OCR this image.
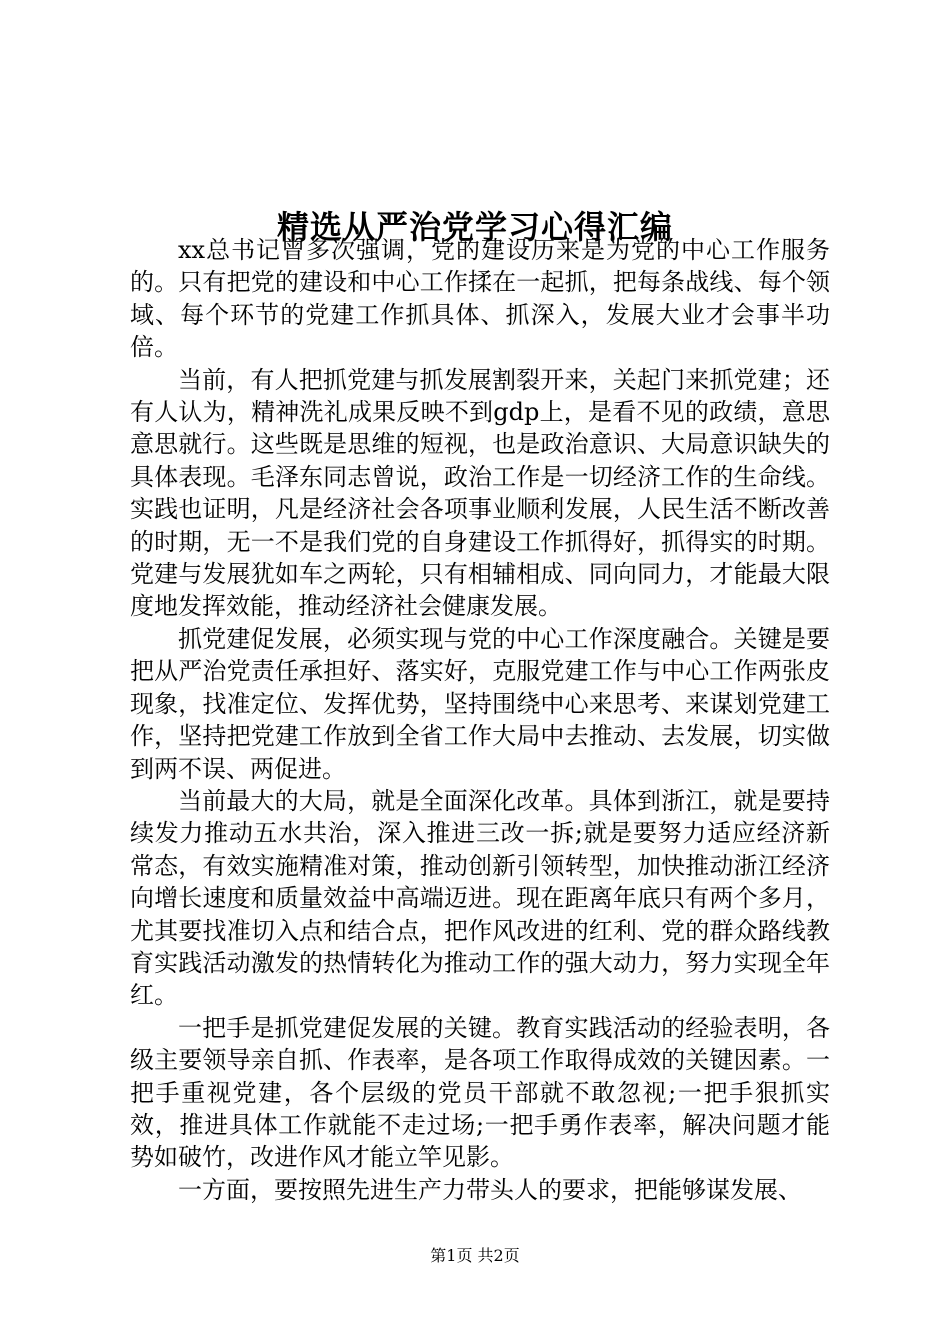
精选从严治党学习心得汇编

xx总书记曾多次强调，党的建设历来是为党的中心工作服务的。只有把党的建设和中心工作揉在一起抓，把每条战线、每个领域、每个环节的党建工作抓具体、抓深入，发展大业才会事半功倍。

当前，有人把抓党建与抓发展割裂开来，关起门来抓党建；还有人认为，精神洗礼成果反映不到gdp上，是看不见的政绩，意思意思就行。这些既是思维的短视，也是政治意识、大局意识缺失的具体表现。毛泽东同志曾说，政治工作是一切经济工作的生命线。实践也证明，凡是经济社会各项事业顺利发展，人民生活不断改善的时期，无一不是我们党的自身建设工作抓得好，抓得实的时期。党建与发展犹如车之两轮，只有相辅相成、同向同力，才能最大限度地发挥效能，推动经济社会健康发展。

抓党建促发展，必须实现与党的中心工作深度融合。关键是要把从严治党责任承担好、落实好，克服党建工作与中心工作两张皮现象，找准定位、发挥优势，坚持围绕中心来思考、来谋划党建工作，坚持把党建工作放到全省工作大局中去推动、去发展，切实做到两不误、两促进。

当前最大的大局，就是全面深化改革。具体到浙江，就是要持续发力推动五水共治，深入推进三改一拆;就是要努力适应经济新常态，有效实施精准对策，推动创新引领转型，加快推动浙江经济向增长速度和质量效益中高端迈进。现在距离年底只有两个多月，尤其要找准切入点和结合点，把作风改进的红利、党的群众路线教育实践活动激发的热情转化为推动工作的强大动力，努力实现全年红。

一把手是抓党建促发展的关键。教育实践活动的经验表明，各级主要领导亲自抓、作表率，是各项工作取得成效的关键因素。一把手重视党建，各个层级的党员干部就不敢忽视;一把手狠抓实效，推进具体工作就能不走过场;一把手勇作表率，解决问题才能势如破竹，改进作风才能立竿见影。

一方面，要按照先进生产力带头人的要求，把能够谋发展、

第1页 共2页
